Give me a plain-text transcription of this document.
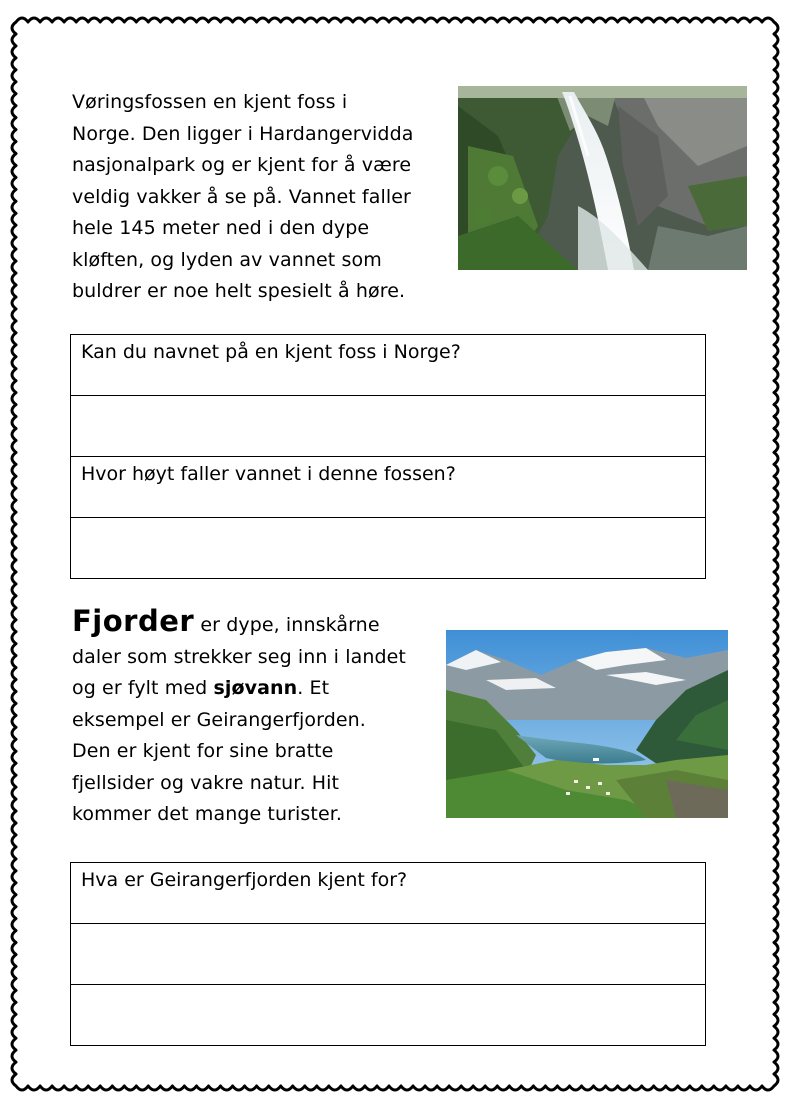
Vøringsfossen en kjent foss i
Norge. Den ligger i Hardangervidda
nasjonalpark og er kjent for å være
veldig vakker å se på. Vannet faller
hele 145 meter ned i den dype
kløften, og lyden av vannet som
buldrer er noe helt spesielt å høre.

Kan du navnet på en kjent foss i Norge?

Hvor høyt faller vannet i denne fossen?

Fjorder er dype, innskårne
daler som strekker seg inn i landet
og er fylt med sjøvann. Et
eksempel er Geirangerfjorden.
Den er kjent for sine bratte
fjellsider og vakre natur. Hit
kommer det mange turister.

Hva er Geirangerfjorden kjent for?
